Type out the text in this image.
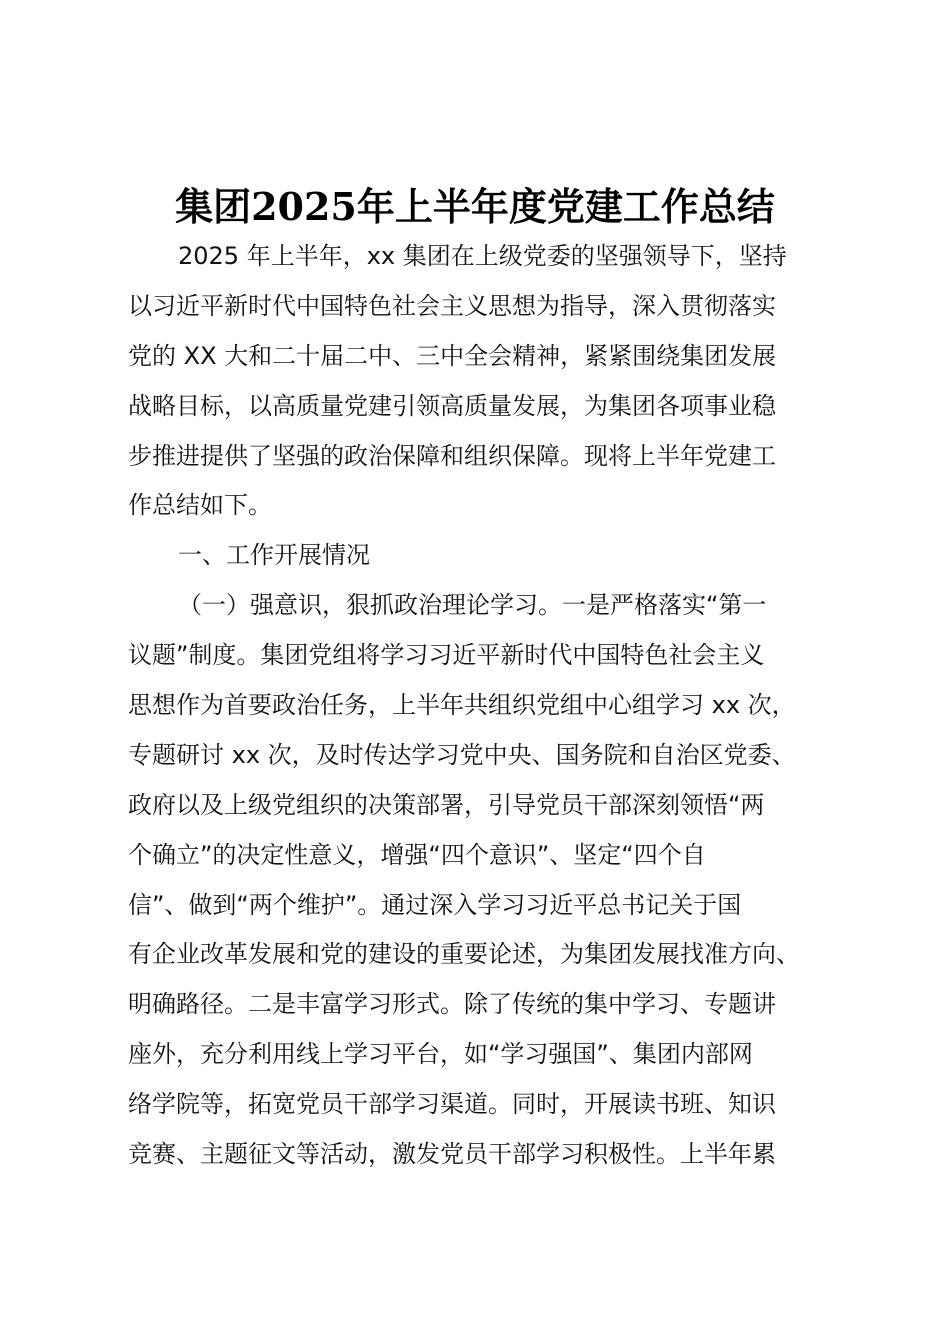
集团2025年上半年度党建工作总结
2025 年上半年，xx 集团在上级党委的坚强领导下，坚持
以习近平新时代中国特色社会主义思想为指导，深入贯彻落实
党的 XX 大和二十届二中、三中全会精神，紧紧围绕集团发展
战略目标，以高质量党建引领高质量发展，为集团各项事业稳
步推进提供了坚强的政治保障和组织保障。现将上半年党建工
作总结如下。
一、工作开展情况
（一）强意识，狠抓政治理论学习。一是严格落实“第一
议题”制度。集团党组将学习习近平新时代中国特色社会主义
思想作为首要政治任务，上半年共组织党组中心组学习 xx 次，
专题研讨 xx 次，及时传达学习党中央、国务院和自治区党委、
政府以及上级党组织的决策部署，引导党员干部深刻领悟“两
个确立”的决定性意义，增强“四个意识”、坚定“四个自
信”、做到“两个维护”。通过深入学习习近平总书记关于国
有企业改革发展和党的建设的重要论述，为集团发展找准方向、
明确路径。二是丰富学习形式。除了传统的集中学习、专题讲
座外，充分利用线上学习平台，如“学习强国”、集团内部网
络学院等，拓宽党员干部学习渠道。同时，开展读书班、知识
竞赛、主题征文等活动，激发党员干部学习积极性。上半年累
